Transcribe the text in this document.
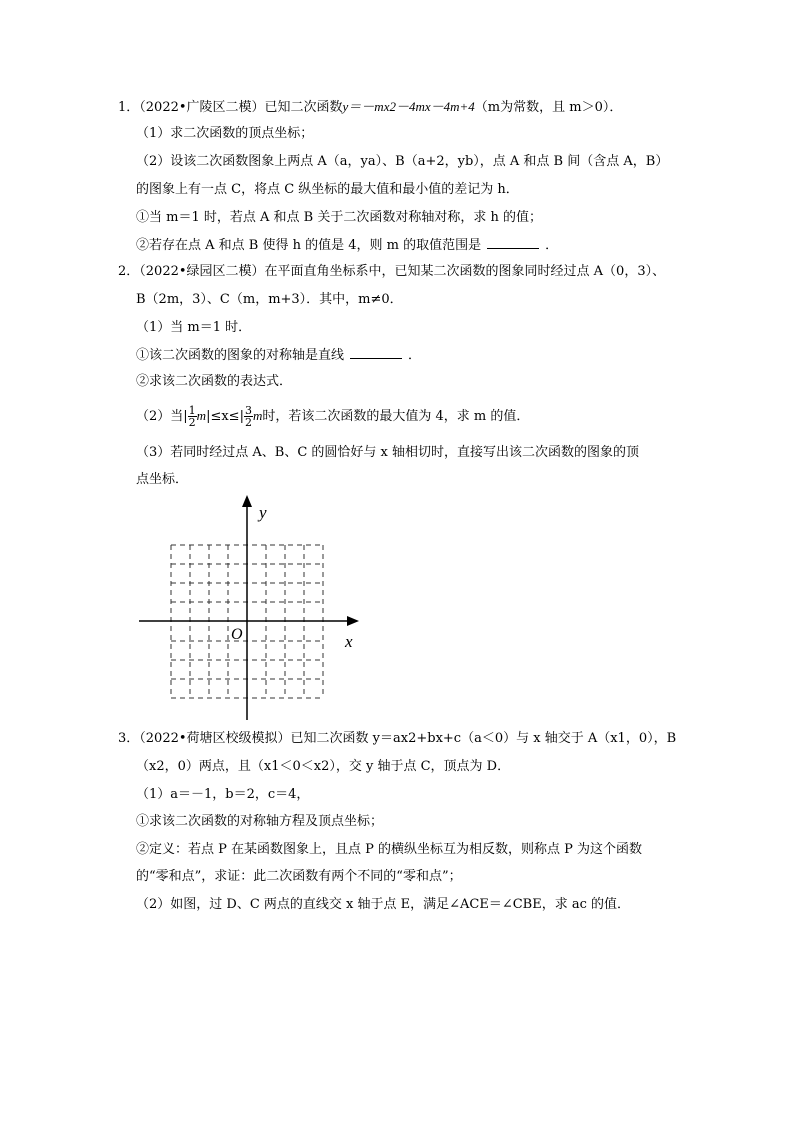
1．（2022•广陵区二模）已知二次函数y＝－mx2－4mx－4m+4（m为常数，且 m＞0）．
（1）求二次函数的顶点坐标；
（2）设该二次函数图象上两点 A（a，ya）、B（a+2，yb），点 A 和点 B 间（含点 A，B）
的图象上有一点 C，将点 C 纵坐标的最大值和最小值的差记为 h．
①当 m＝1 时，若点 A 和点 B 关于二次函数对称轴对称，求 h 的值；
②若存在点 A 和点 B 使得 h 的值是 4，则 m 的取值范围是	．
2．（2022•绿园区二模）在平面直角坐标系中，已知某二次函数的图象同时经过点 A（0，3）、
B（2m，3）、C（m，m+3）．其中，m≠0．
（1）当 m＝1 时．
①该二次函数的图象的对称轴是直线	．
②求该二次函数的表达式．
（2）当| $\frac{1}{2} m|\le x\le| \frac{3}{2}$ m时，若该二次函数的最大值为 4，求 m 的值．
（3）若同时经过点 A、B、C 的圆恰好与 x 轴相切时，直接写出该二次函数的图象的顶
点坐标．
x
y
O
3．（2022•荷塘区校级模拟）已知二次函数 y＝ax2+bx+c（a＜0）与 x 轴交于 A（x1，0），B
（x2，0）两点，且（x1＜0＜x2），交 y 轴于点 C，顶点为 D．
（1）a＝－1，b＝2，c＝4，
①求该二次函数的对称轴方程及顶点坐标；
②定义：若点 P 在某函数图象上，且点 P 的横纵坐标互为相反数，则称点 P 为这个函数
的“零和点”，求证：此二次函数有两个不同的“零和点”；
（2）如图，过 D、C 两点的直线交 x 轴于点 E，满足∠ACE＝∠CBE，求 ac 的值．
